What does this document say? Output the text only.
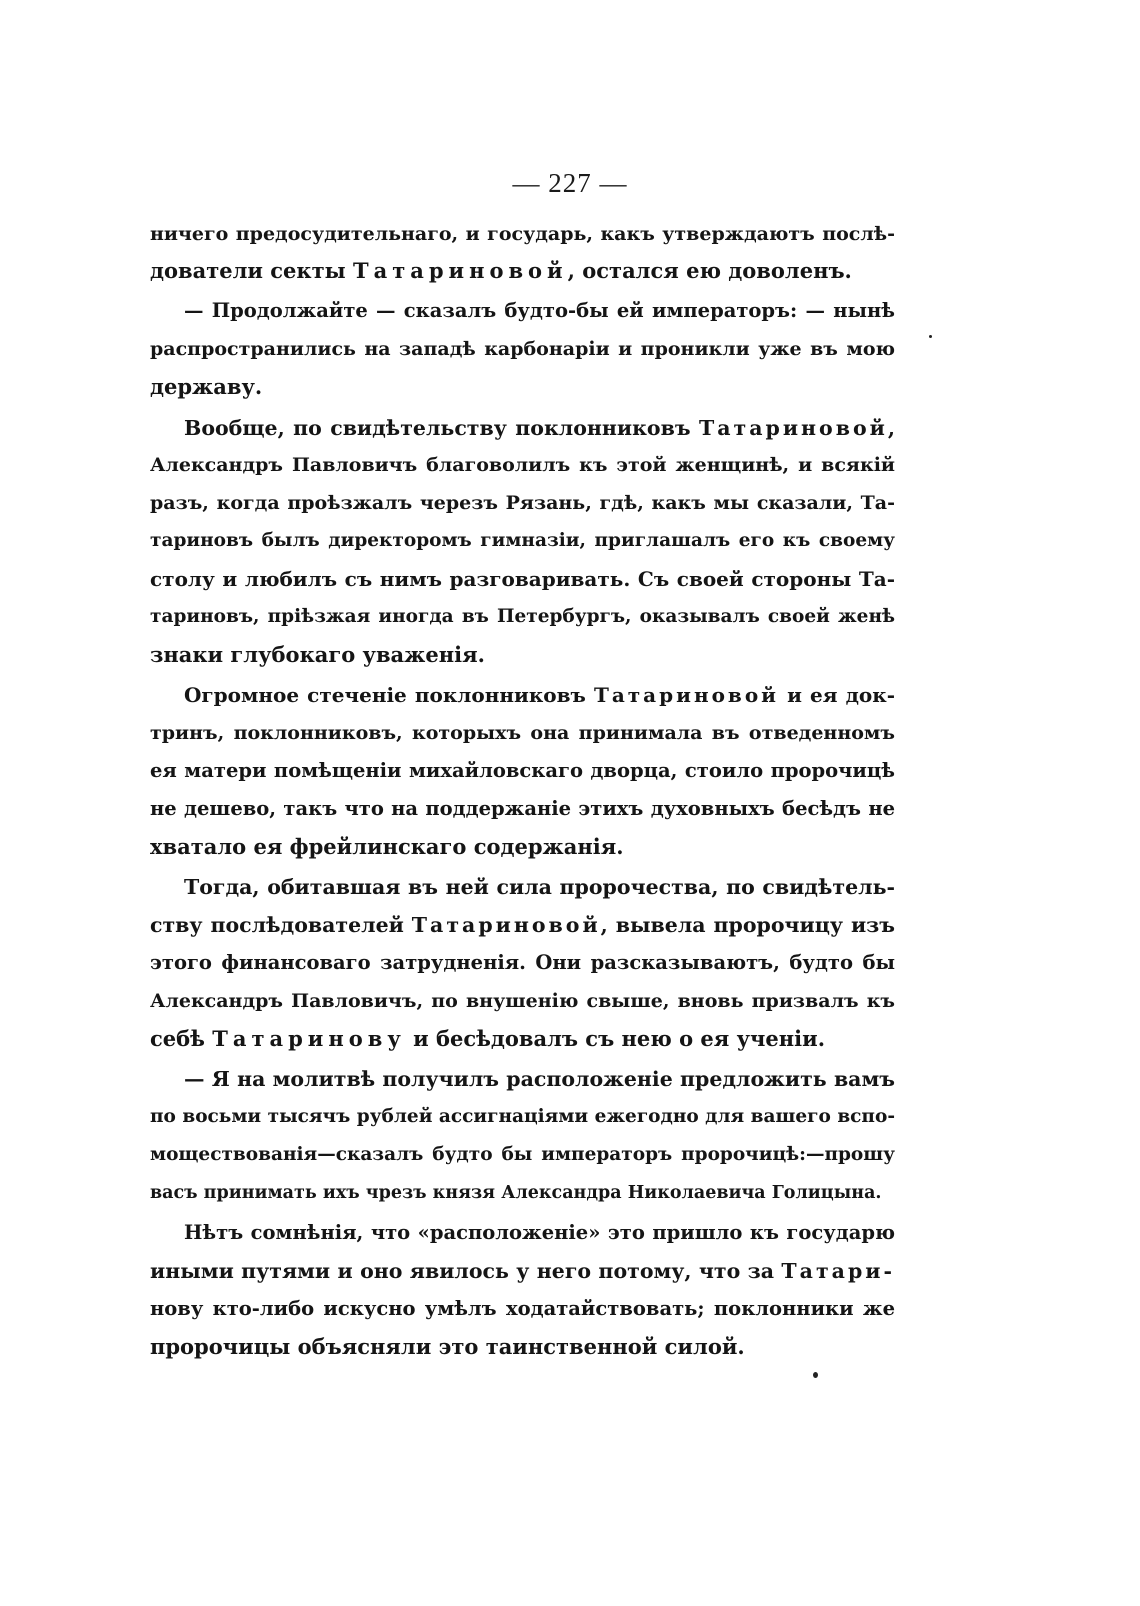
— 227 —
ничего предосудительнаго, и государь, какъ утверждаютъ послѣ-
дователи секты Татариновой, остался ею доволенъ.
— Продолжайте — сказалъ будто-бы ей императоръ: — нынѣ
распространились на западѣ карбонаріи и проникли уже въ мою
державу.
Вообще, по свидѣтельству поклонниковъ Татариновой,
Александръ Павловичъ благоволилъ къ этой женщинѣ, и всякій
разъ, когда проѣзжалъ черезъ Рязань, гдѣ, какъ мы сказали, Та-
тариновъ былъ директоромъ гимназіи, приглашалъ его къ своему
столу и любилъ съ нимъ разговаривать. Съ своей стороны Та-
тариновъ, пріѣзжая иногда въ Петербургъ, оказывалъ своей женѣ
знаки глубокаго уваженія.
Огромное стеченіе поклонниковъ Татариновой и ея док-
тринъ, поклонниковъ, которыхъ она принимала въ отведенномъ
ея матери помѣщеніи михайловскаго дворца, стоило пророчицѣ
не дешево, такъ что на поддержаніе этихъ духовныхъ бесѣдъ не
хватало ея фрейлинскаго содержанія.
Тогда, обитавшая въ ней сила пророчества, по свидѣтель-
ству послѣдователей Татариновой, вывела пророчицу изъ
этого финансоваго затрудненія. Они разсказываютъ, будто бы
Александръ Павловичъ, по внушенію свыше, вновь призвалъ къ
себѣ Татаринову и бесѣдовалъ съ нею о ея ученіи.
— Я на молитвѣ получилъ расположеніе предложить вамъ
по восьми тысячъ рублей ассигнаціями ежегодно для вашего вспо-
моществованія—сказалъ будто бы императоръ пророчицѣ:—прошу
васъ принимать ихъ чрезъ князя Александра Николаевича Голицына.
Нѣтъ сомнѣнія, что «расположеніе» это пришло къ государю
иными путями и оно явилось у него потому, что за Татари-
нову кто-либо искусно умѣлъ ходатайствовать; поклонники же
пророчицы объясняли это таинственной силой.
